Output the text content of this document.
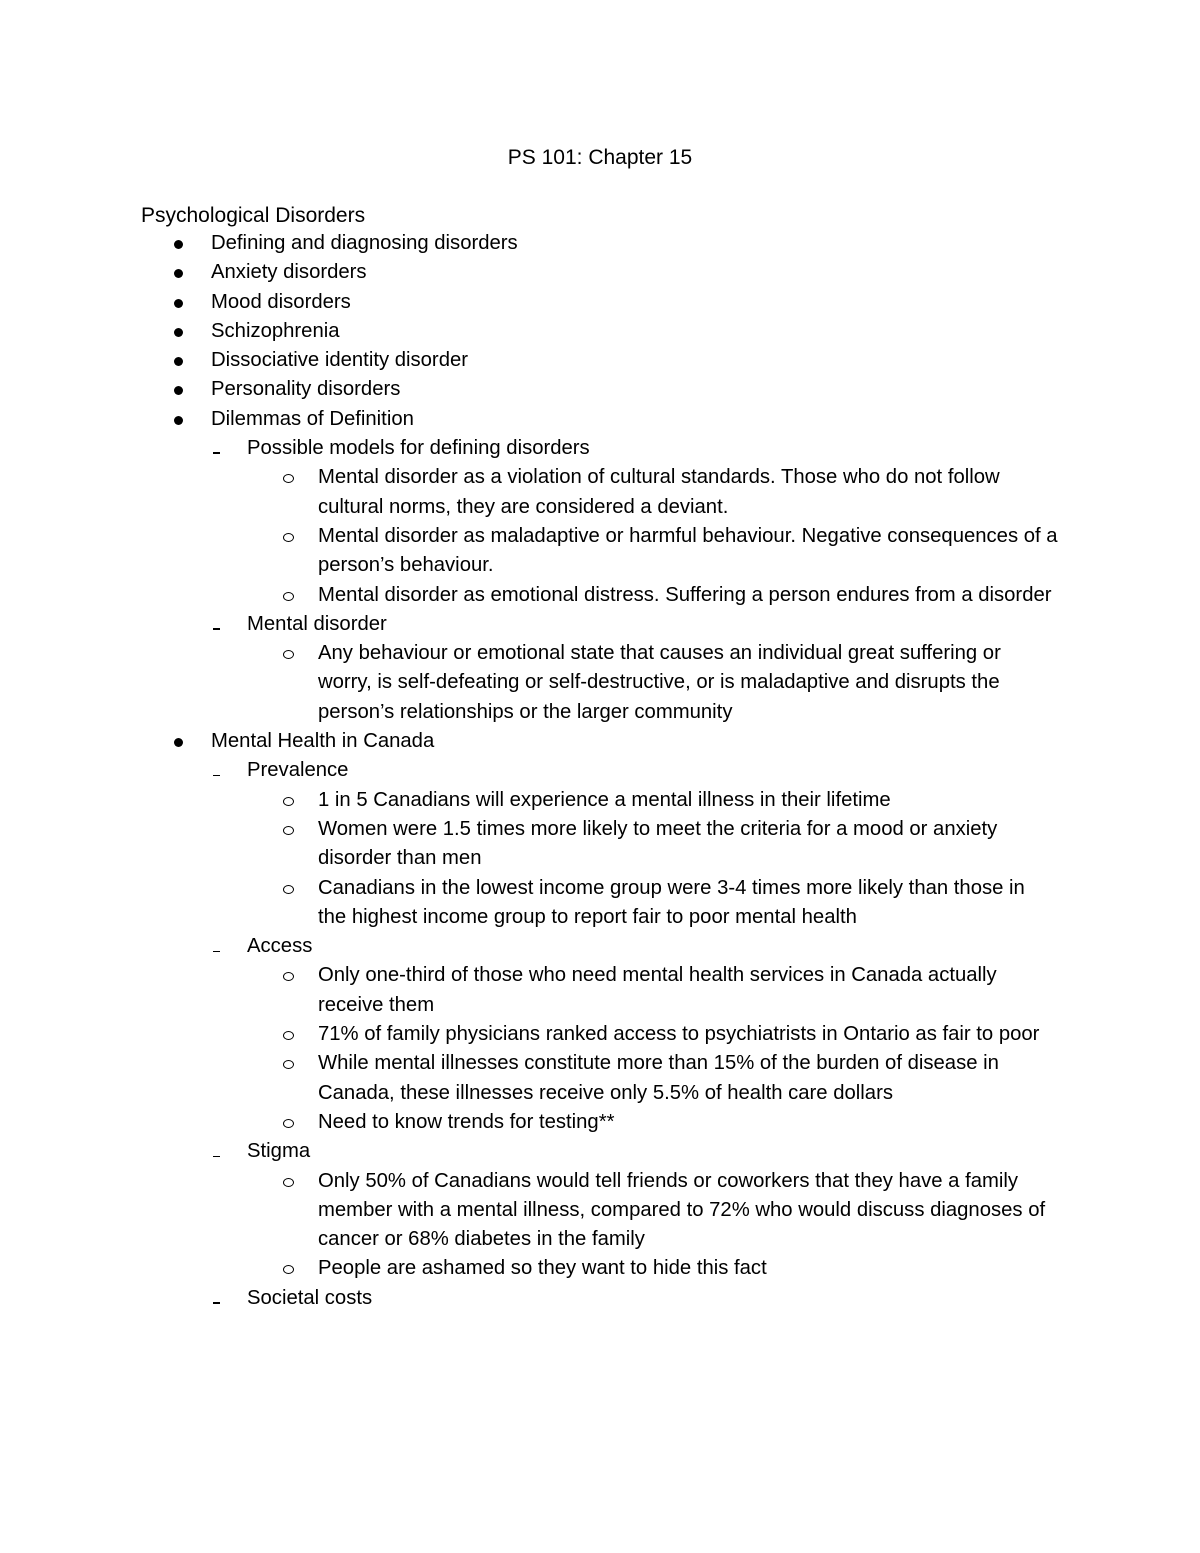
PS 101: Chapter 15
Psychological Disorders
Defining and diagnosing disorders
Anxiety disorders
Mood disorders
Schizophrenia
Dissociative identity disorder
Personality disorders
Dilemmas of Definition
Possible models for defining disorders
Mental disorder as a violation of cultural standards. Those who do not follow cultural norms, they are considered a deviant.
Mental disorder as maladaptive or harmful behaviour. Negative consequences of a person’s behaviour.
Mental disorder as emotional distress. Suffering a person endures from a disorder
Mental disorder
Any behaviour or emotional state that causes an individual great suffering or worry, is self-defeating or self-destructive, or is maladaptive and disrupts the person’s relationships or the larger community
Mental Health in Canada
Prevalence
1 in 5 Canadians will experience a mental illness in their lifetime
Women were 1.5 times more likely to meet the criteria for a mood or anxiety disorder than men
Canadians in the lowest income group were 3-4 times more likely than those in the highest income group to report fair to poor mental health
Access
Only one-third of those who need mental health services in Canada actually receive them
71% of family physicians ranked access to psychiatrists in Ontario as fair to poor
While mental illnesses constitute more than 15% of the burden of disease in Canada, these illnesses receive only 5.5% of health care dollars
Need to know trends for testing**
Stigma
Only 50% of Canadians would tell friends or coworkers that they have a family member with a mental illness, compared to 72% who would discuss diagnoses of cancer or 68% diabetes in the family
People are ashamed so they want to hide this fact
Societal costs
